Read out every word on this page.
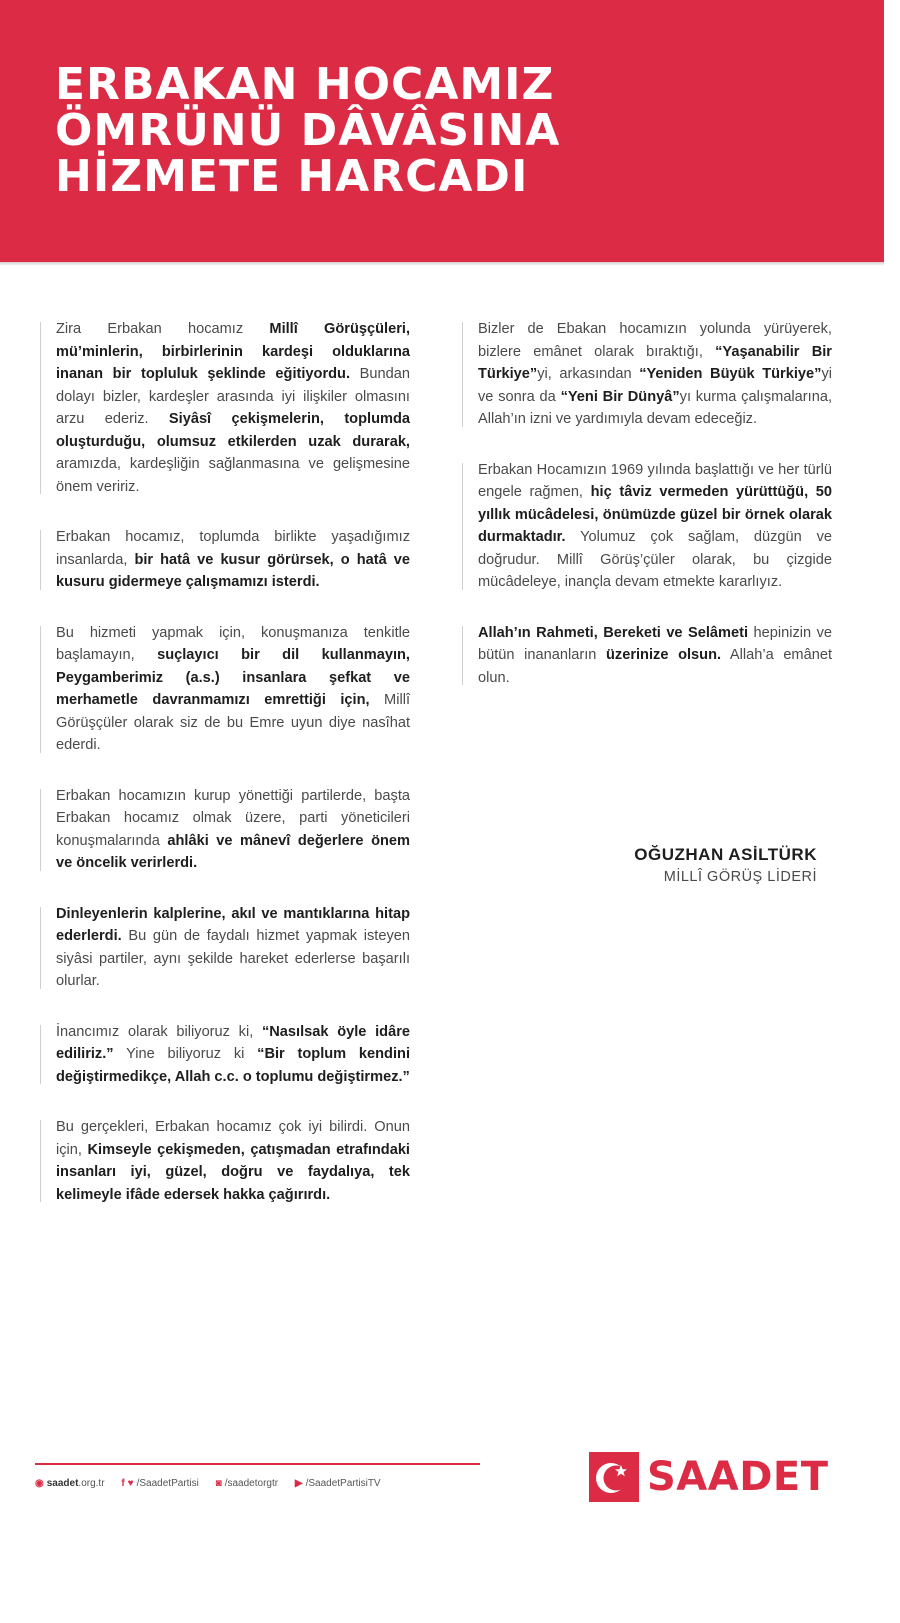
ERBAKAN HOCAMIZ
ÖMRÜNÜ DÂVÂSINA
HİZMETE HARCADI

Zira Erbakan hocamız Millî Görüşçüleri, mü’minlerin, birbirlerinin kardeşi olduklarına inanan bir topluluk şeklinde eğitiyordu. Bundan dolayı bizler, kardeşler arasında iyi ilişkiler olmasını arzu ederiz. Siyâsî çekişmelerin, toplumda oluşturduğu, olumsuz etkilerden uzak durarak, aramızda, kardeşliğin sağlanmasına ve gelişmesine önem veririz.

Erbakan hocamız, toplumda birlikte yaşadığımız insanlarda, bir hatâ ve kusur görürsek, o hatâ ve kusuru gidermeye çalışmamızı isterdi.

Bu hizmeti yapmak için, konuşmanıza tenkitle başlamayın, suçlayıcı bir dil kullanmayın, Peygamberimiz (a.s.) insanlara şefkat ve merhametle davranmamızı emrettiği için, Millî Görüşçüler olarak siz de bu Emre uyun diye nasîhat ederdi.

Erbakan hocamızın kurup yönettiği partilerde, başta Erbakan hocamız olmak üzere, parti yöneticileri konuşmalarında ahlâki ve mânevî değerlere önem ve öncelik verirlerdi.

Dinleyenlerin kalplerine, akıl ve mantıklarına hitap ederlerdi. Bu gün de faydalı hizmet yapmak isteyen siyâsi partiler, aynı şekilde hareket ederlerse başarılı olurlar.

İnancımız olarak biliyoruz ki, “Nasılsak öyle idâre ediliriz.” Yine biliyoruz ki “Bir toplum kendini değiştirmedikçe, Allah c.c. o toplumu değiştirmez.”

Bu gerçekleri, Erbakan hocamız çok iyi bilirdi. Onun için, Kimseyle çekişmeden, çatışmadan etrafındaki insanları iyi, güzel, doğru ve faydalıya, tek kelimeyle ifâde edersek hakka çağırırdı.

Bizler de Ebakan hocamızın yolunda yürüyerek, bizlere emânet olarak bıraktığı, “Yaşanabilir Bir Türkiye”yi, arkasından “Yeniden Büyük Türkiye”yi ve sonra da “Yeni Bir Dünyâ”yı kurma çalışmalarına, Allah’ın izni ve yardımıyla devam edeceğiz.

Erbakan Hocamızın 1969 yılında başlattığı ve her türlü engele rağmen, hiç tâviz vermeden yürüttüğü, 50 yıllık mücâdelesi, önümüzde güzel bir örnek olarak durmaktadır. Yolumuz çok sağlam, düzgün ve doğrudur. Millî Görüş’çüler olarak, bu çizgide mücâdeleye, inançla devam etmekte kararlıyız.

Allah’ın Rahmeti, Bereketi ve Selâmeti hepinizin ve bütün inananların üzerinize olsun. Allah’a emânet olun.

OĞUZHAN ASİLTÜRK
MİLLÎ GÖRÜŞ LİDERİ
◉ saadet.org.tr f ♥ /SaadetPartisi ◙ /saadetorgtr ▶ /SaadetPartisiTV	SAADET
